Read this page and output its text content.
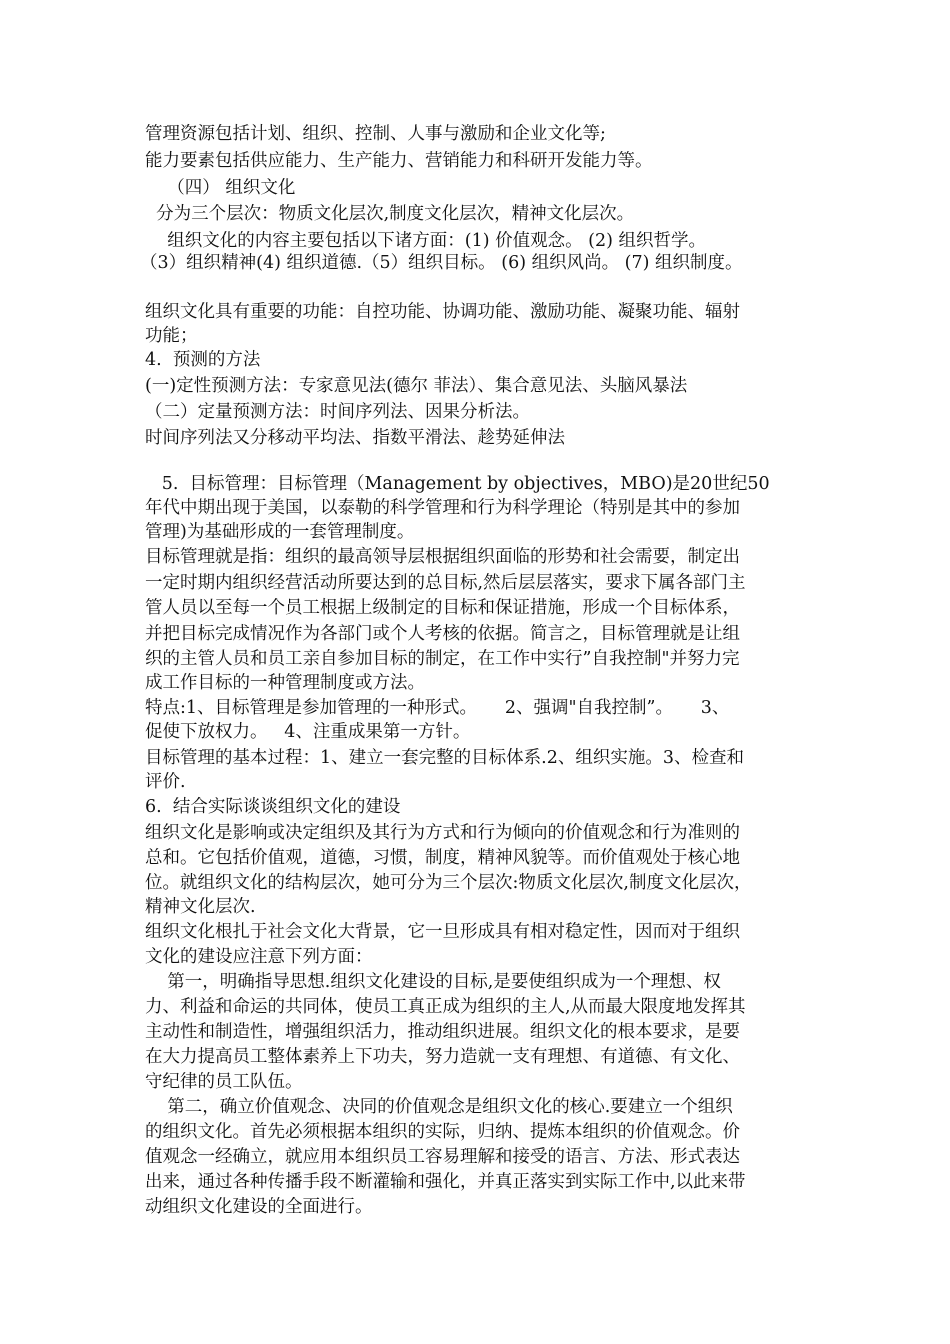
管理资源包括计划、组织、控制、人事与激励和企业文化等;

能力要素包括供应能力、生产能力、营销能力和科研开发能力等。

（四） 组织文化

分为三个层次：物质文化层次,制度文化层次，精神文化层次。

组织文化的内容主要包括以下诸方面：(1) 价值观念。 (2) 组织哲学。

（3）组织精神(4) 组织道德.（5）组织目标。 (6) 组织风尚。 (7) 组织制度。

组织文化具有重要的功能：自控功能、协调功能、激励功能、凝聚功能、辐射

功能；

4.  预测的方法

(一)定性预测方法：专家意见法(德尔 菲法）、集合意见法、头脑风暴法

（二）定量预测方法：时间序列法、因果分析法。

时间序列法又分移动平均法、指数平滑法、趁势延伸法

5.  目标管理：目标管理（Management by objectives，MBO)是20世纪50

年代中期出现于美国，以泰勒的科学管理和行为科学理论（特别是其中的参加

管理)为基础形成的一套管理制度。

目标管理就是指：组织的最高领导层根据组织面临的形势和社会需要，制定出

一定时期内组织经营活动所要达到的总目标,然后层层落实，要求下属各部门主

管人员以至每一个员工根据上级制定的目标和保证措施，形成一个目标体系，

并把目标完成情况作为各部门或个人考核的依据。简言之，目标管理就是让组

织的主管人员和员工亲自参加目标的制定，在工作中实行”自我控制"并努力完

成工作目标的一种管理制度或方法。

特点:1、目标管理是参加管理的一种形式。     2、强调"自我控制”。     3、

促使下放权力。   4、注重成果第一方针。

目标管理的基本过程：1、建立一套完整的目标体系.2、组织实施。3、检查和

评价.

6.  结合实际谈谈组织文化的建设

组织文化是影响或决定组织及其行为方式和行为倾向的价值观念和行为准则的

总和。它包括价值观，道德，习惯，制度，精神风貌等。而价值观处于核心地

位。就组织文化的结构层次，她可分为三个层次:物质文化层次,制度文化层次，

精神文化层次.

组织文化根扎于社会文化大背景，它一旦形成具有相对稳定性，因而对于组织

文化的建设应注意下列方面：

第一，明确指导思想.组织文化建设的目标,是要使组织成为一个理想、权

力、利益和命运的共同体，使员工真正成为组织的主人,从而最大限度地发挥其

主动性和制造性，增强组织活力，推动组织进展。组织文化的根本要求，是要

在大力提高员工整体素养上下功夫，努力造就一支有理想、有道德、有文化、

守纪律的员工队伍。

第二，确立价值观念、决同的价值观念是组织文化的核心.要建立一个组织

的组织文化。首先必须根据本组织的实际，归纳、提炼本组织的价值观念。价

值观念一经确立，就应用本组织员工容易理解和接受的语言、方法、形式表达

出来，通过各种传播手段不断灌输和强化，并真正落实到实际工作中,以此来带

动组织文化建设的全面进行。
